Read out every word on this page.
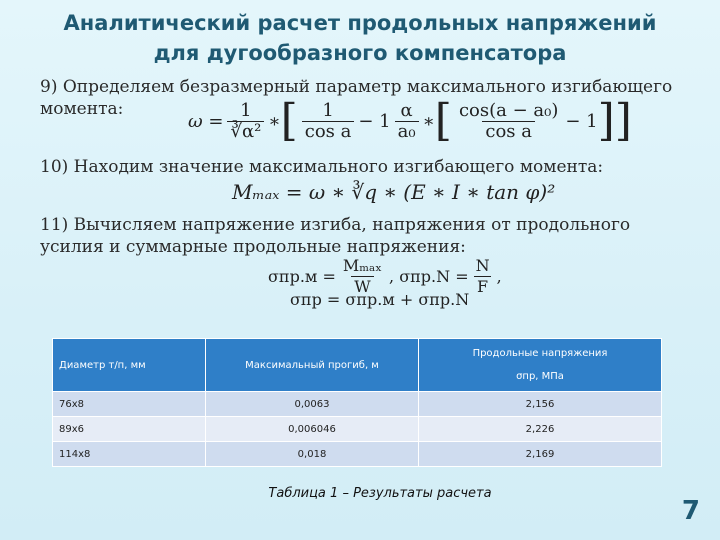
Аналитический расчет продольных напряжений
для дугообразного компенсатора
9) Определяем безразмерный параметр максимального изгибающего момента:
$\omega = \frac{1}{\text{∛α²}}$ ∗ [ $\frac{1}{\text{cos a}} - 1 \frac{\alpha}{\text{a₀}}$ ∗ [ $\frac{\text{cos(a − a₀)}}{\text{cos a}} - 1$ ]]
10) Находим значение максимального изгибающего момента:
Mₘₐₓ = ω ∗ ∛q ∗ (E ∗ I ∗ tan φ)²
11) Вычисляем напряжение изгиба, напряжения от продольного усилия и суммарные продольные напряжения:
$\sigma пр.м = \frac{\text{Mₘₐₓ}}{W}$ , $\sigma пр.N = \frac{N}{F}$ ,
σпр = σпр.м + σпр.N
Диаметр т/п, мм	Максимальный прогиб, м	Продольные напряжения
σпр, МПа

76x8	0,0063	2,156
89x6	0,006046	2,226
114x8	0,018	2,169
Таблица 1 – Результаты расчета
7
